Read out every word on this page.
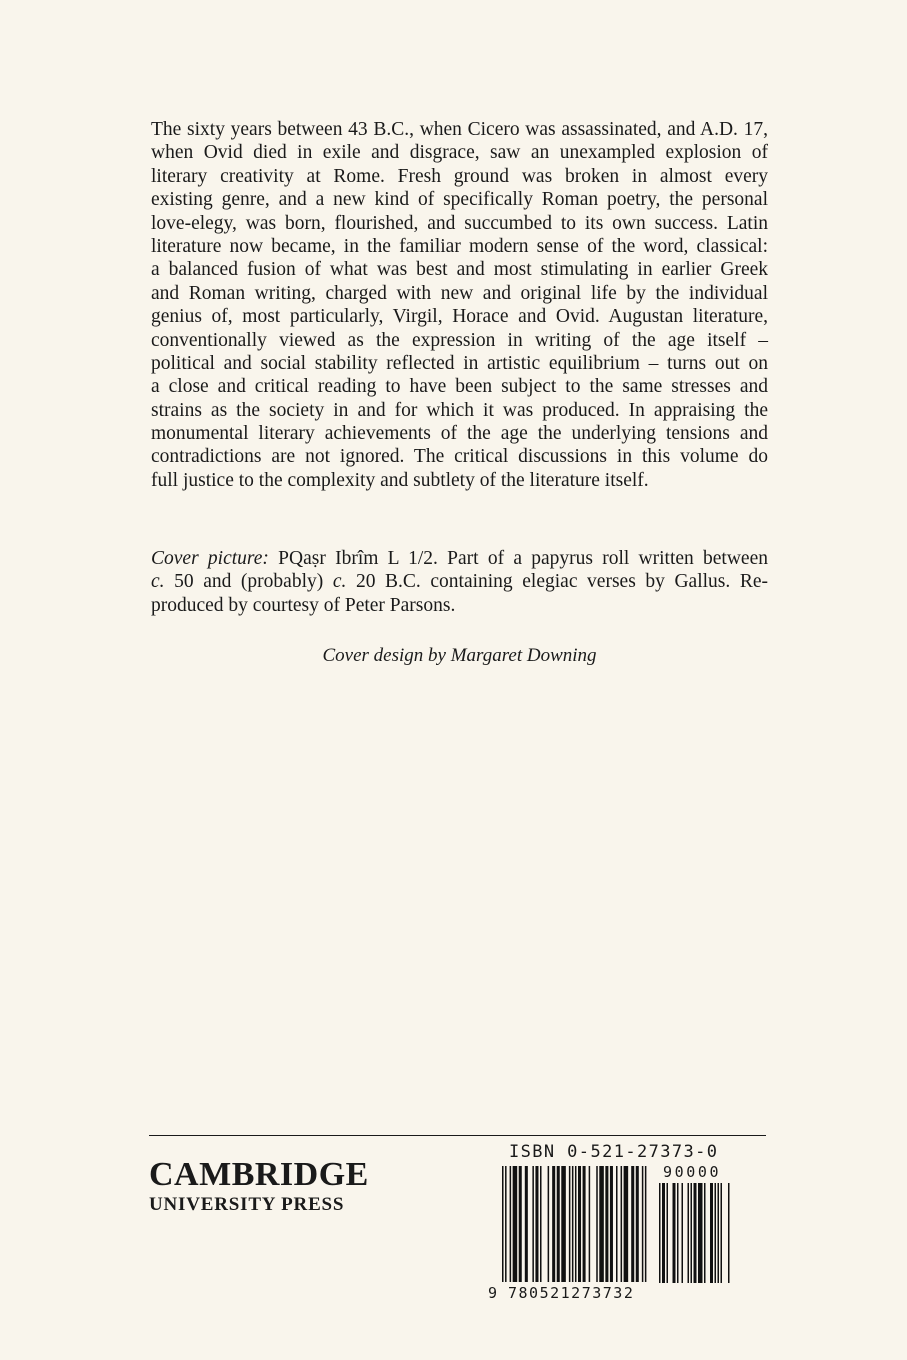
The sixty years between 43 B.C., when Cicero was assassinated, and A.D. 17,
when Ovid died in exile and disgrace, saw an unexampled explosion of
literary creativity at Rome. Fresh ground was broken in almost every
existing genre, and a new kind of specifically Roman poetry, the personal
love-elegy, was born, flourished, and succumbed to its own success. Latin
literature now became, in the familiar modern sense of the word, classical:
a balanced fusion of what was best and most stimulating in earlier Greek
and Roman writing, charged with new and original life by the individual
genius of, most particularly, Virgil, Horace and Ovid. Augustan literature,
conventionally viewed as the expression in writing of the age itself –
political and social stability reflected in artistic equilibrium – turns out on
a close and critical reading to have been subject to the same stresses and
strains as the society in and for which it was produced. In appraising the
monumental literary achievements of the age the underlying tensions and
contradictions are not ignored. The critical discussions in this volume do
full justice to the complexity and subtlety of the literature itself.
Cover picture: PQaṣr Ibrîm L 1/2. Part of a papyrus roll written between
c. 50 and (probably) c. 20 B.C. containing elegiac verses by Gallus. Re-
produced by courtesy of Peter Parsons.
Cover design by Margaret Downing
CAMBRIDGE
UNIVERSITY PRESS
ISBN 0-521-27373-0
90000
9 780521273732
